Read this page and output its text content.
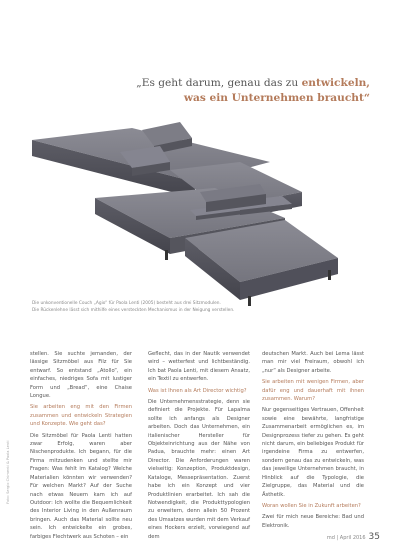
„Es geht darum, genau das zu entwickeln,
was ein Unternehmen braucht“
Die unkonventionelle Couch „Agio“ für Paola Lenti (2005) besteht aus drei Sitzmodulen.
Die Rückenlehne lässt sich mithilfe eines versteckten Mechanismus in der Neigung verstellen.
Foto: Sergio Chimenti & Paola Lenti

stellen. Sie suchte jemanden, der lässige Sitzmöbel aus Filz für Sie entwarf. So entstand „Atollo“, ein einfaches, niedriges Sofa mit lustiger Form und „Bread“, eine Chaise Longue.

Sie arbeiten eng mit den Firmen zusammen und entwickeln Strategien und Konzepte. Wie geht das?

Die Sitzmöbel für Paola Lenti hatten zwar Erfolg, waren aber Nischenprodukte. Ich begann, für die Firma mitzudenken und stellte mir Fragen: Was fehlt im Katalog? Welche Materialien könnten wir verwenden? Für welchen Markt? Auf der Suche nach etwas Neuem kam ich auf Outdoor: Ich wollte die Bequemlichkeit des Interior Living in den Außenraum bringen. Auch das Material sollte neu sein. Ich entwickelte ein grobes, farbiges Flechtwerk aus Schoten – ein

Geflecht, das in der Nautik verwendet wird – wetterfest und lichtbeständig. Ich bat Paola Lenti, mit diesem Ansatz, ein Textil zu entwerfen.

Was ist Ihnen als Art Director wichtig?

Die Unternehmensstrategie, denn sie definiert die Projekte. Für Lapalma sollte ich anfangs als Designer arbeiten. Doch das Unternehmen, ein italienischer Hersteller für Objekteinrichtung aus der Nähe von Padua, brauchte mehr: einen Art Director. Die Anforderungen waren vielseitig: Konzeption, Produktdesign, Kataloge, Messepräsentation. Zuerst habe ich ein Konzept und vier Produktlinien erarbeitet. Ich sah die Notwendigkeit, die Produkttypologien zu erweitern, denn allein 50 Prozent des Umsatzes wurden mit dem Verkauf eines Hockers erzielt, vorwiegend auf dem

deutschen Markt. Auch bei Lema lässt man mir viel Freiraum, obwohl ich „nur“ als Designer arbeite.

Sie arbeiten mit wenigen Firmen, aber dafür eng und dauerhaft mit ihnen zusammen. Warum?

Nur gegenseitiges Vertrauen, Offenheit sowie eine bewährte, langfristige Zusammenarbeit ermöglichen es, im Designprozess tiefer zu gehen. Es geht nicht darum, ein beliebiges Produkt für irgendeine Firma zu entwerfen, sondern genau das zu entwickeln, was das jeweilige Unternehmen braucht, in Hinblick auf die Typologie, die Zielgruppe, das Material und die Ästhetik.

Woran wollen Sie in Zukunft arbeiten?

Zwei für mich neue Bereiche: Bad und Elektronik.

md | April 2016 35
